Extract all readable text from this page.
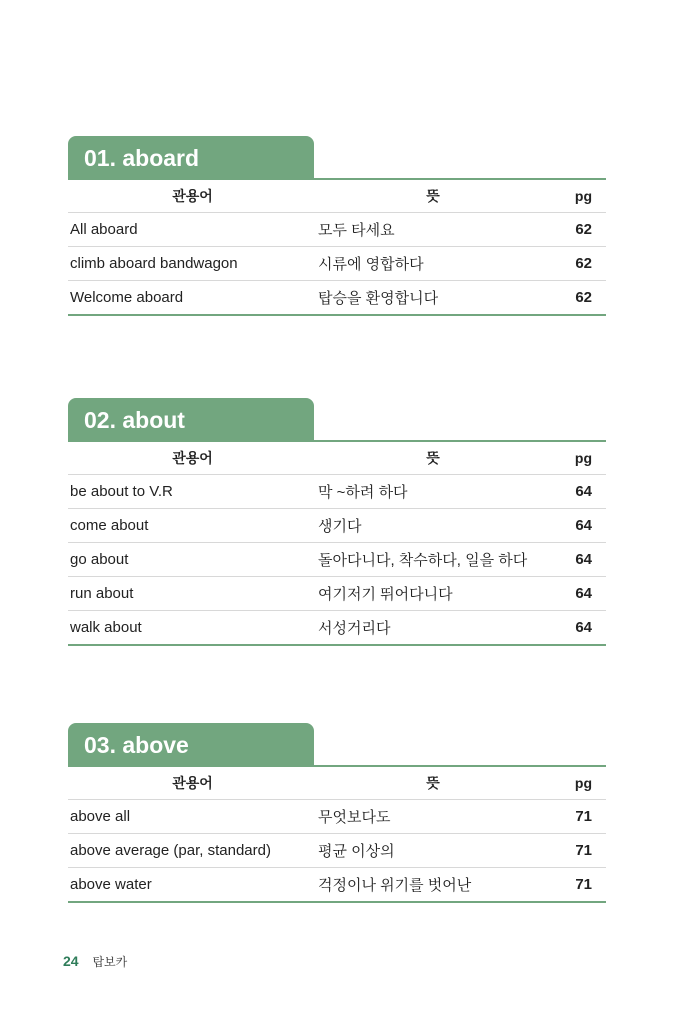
01. aboard
관용어	뜻	pg
All aboard	모두 타세요	62
climb aboard bandwagon	시류에 영합하다	62
Welcome aboard	탑승을 환영합니다	62
02. about
관용어	뜻	pg
be about to V.R	막 ~하려 하다	64
come about	생기다	64
go about	돌아다니다, 착수하다, 일을 하다	64
run about	여기저기 뛰어다니다	64
walk about	서성거리다	64
03. above
관용어	뜻	pg
above all	무엇보다도	71
above average (par, standard)	평균 이상의	71
above water	걱정이나 위기를 벗어난	71
24 탑보카
